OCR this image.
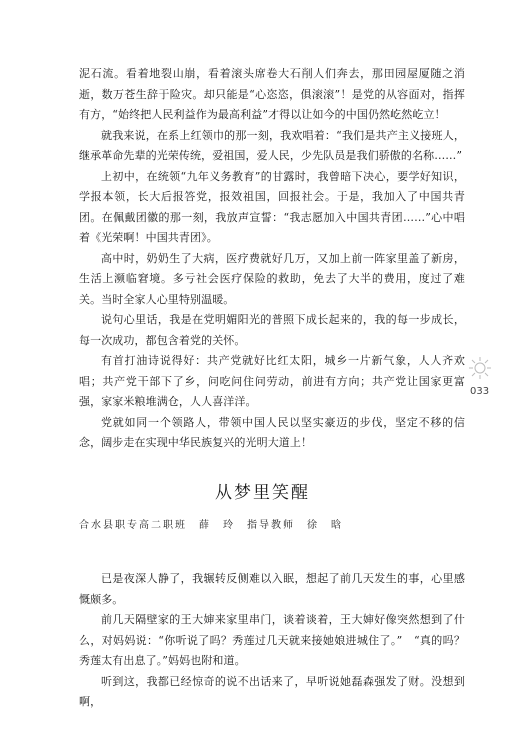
泥石流。看着地裂山崩，看着滚头席卷大石削人们奔去，那田园屋厦随之消逝，数万苍生辞于险灾。却只能是“心恣恣，俱滚滚”！是党的从容面对，指挥有方，“始终把人民利益作为最高利益”才得以让如今的中国仍然屹然屹立！

就我来说，在系上红领巾的那一刻，我欢唱着：“我们是共产主义接班人，继承革命先辈的光荣传统，爱祖国，爱人民，少先队员是我们骄傲的名称……”

上初中，在统领“九年义务教育”的甘露时，我曾暗下决心，要学好知识，学报本领，长大后报答党，报效祖国，回报社会。于是，我加入了中国共青团。在佩戴团徽的那一刻，我放声宣誓：“我志愿加入中国共青团……”心中唱着《光荣啊！中国共青团》。

高中时，奶奶生了大病，医疗费就好几万，又加上前一阵家里盖了新房，生活上濒临窘境。多亏社会医疗保险的救助，免去了大半的费用，度过了难关。当时全家人心里特别温暖。

说句心里话，我是在党明媚阳光的普照下成长起来的，我的每一步成长，每一次成功，都包含着党的关怀。

有首打油诗说得好：共产党就好比红太阳，城乡一片新气象，人人齐欢唱；共产党干部下了乡，问吃问住问劳动，前进有方向；共产党让国家更富强，家家米粮堆满仓，人人喜洋洋。

党就如同一个领路人，带领中国人民以坚实豪迈的步伐，坚定不移的信念，阔步走在实现中华民族复兴的光明大道上！

033
从梦里笑醒

合水县职专高二职班　薛　玲　指导教师　徐　晗

已是夜深人静了，我辗转反侧难以入眠，想起了前几天发生的事，心里感慨颇多。

前几天隔壁家的王大婶来家里串门，谈着谈着，王大婶好像突然想到了什么，对妈妈说：“你听说了吗？秀莲过几天就来接她娘进城住了。”　“真的吗？秀莲太有出息了。”妈妈也附和道。

听到这，我都已经惊奇的说不出话来了，早听说她磊森强发了财。没想到啊，
